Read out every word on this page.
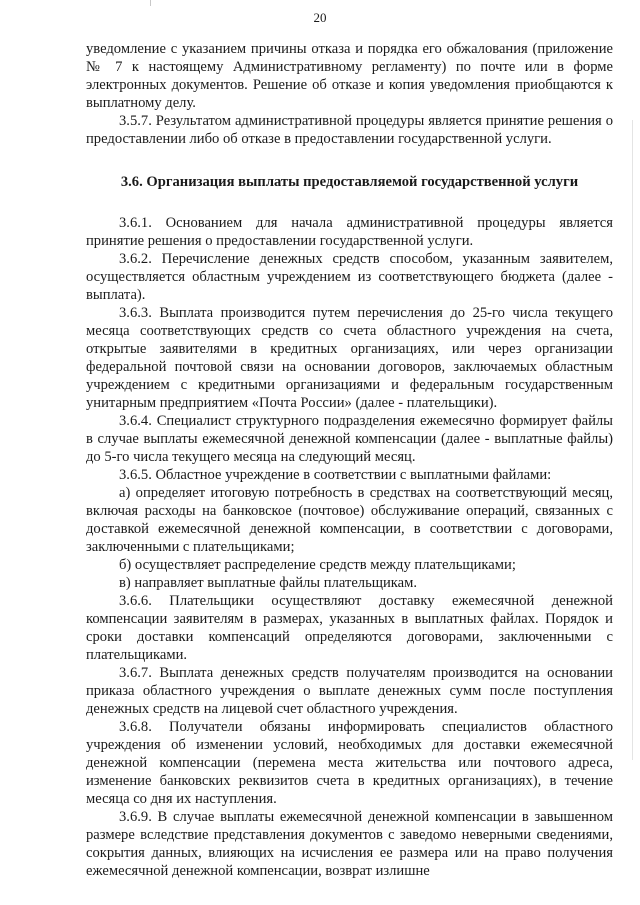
20

уведомление с указанием причины отказа и порядка его обжалования (приложение № 7 к настоящему Административному регламенту) по почте или в форме электронных документов. Решение об отказе и копия уведомления приобщаются к выплатному делу.

3.5.7. Результатом административной процедуры является принятие решения о предоставлении либо об отказе в предоставлении государственной услуги.

3.6. Организация выплаты предоставляемой государственной услуги

3.6.1. Основанием для начала административной процедуры является принятие решения о предоставлении государственной услуги.

3.6.2. Перечисление денежных средств способом, указанным заявителем, осуществляется областным учреждением из соответствующего бюджета (далее - выплата).

3.6.3. Выплата производится путем перечисления до 25-го числа текущего месяца соответствующих средств со счета областного учреждения на счета, открытые заявителями в кредитных организациях, или через организации федеральной почтовой связи на основании договоров, заключаемых областным учреждением с кредитными организациями и федеральным государственным унитарным предприятием «Почта России» (далее - плательщики).

3.6.4. Специалист структурного подразделения ежемесячно формирует файлы в случае выплаты ежемесячной денежной компенсации (далее - выплатные файлы) до 5-го числа текущего месяца на следующий месяц.

3.6.5. Областное учреждение в соответствии с выплатными файлами:

а) определяет итоговую потребность в средствах на соответствующий месяц, включая расходы на банковское (почтовое) обслуживание операций, связанных с доставкой ежемесячной денежной компенсации, в соответствии с договорами, заключенными с плательщиками;

б) осуществляет распределение средств между плательщиками;

в) направляет выплатные файлы плательщикам.

3.6.6. Плательщики осуществляют доставку ежемесячной денежной компенсации заявителям в размерах, указанных в выплатных файлах. Порядок и сроки доставки компенсаций определяются договорами, заключенными с плательщиками.

3.6.7. Выплата денежных средств получателям производится на основании приказа областного учреждения о выплате денежных сумм после поступления денежных средств на лицевой счет областного учреждения.

3.6.8. Получатели обязаны информировать специалистов областного учреждения об изменении условий, необходимых для доставки ежемесячной денежной компенсации (перемена места жительства или почтового адреса, изменение банковских реквизитов счета в кредитных организациях), в течение месяца со дня их наступления.

3.6.9. В случае выплаты ежемесячной денежной компенсации в завышенном размере вследствие представления документов с заведомо неверными сведениями, сокрытия данных, влияющих на исчисления ее размера или на право получения ежемесячной денежной компенсации, возврат излишне
